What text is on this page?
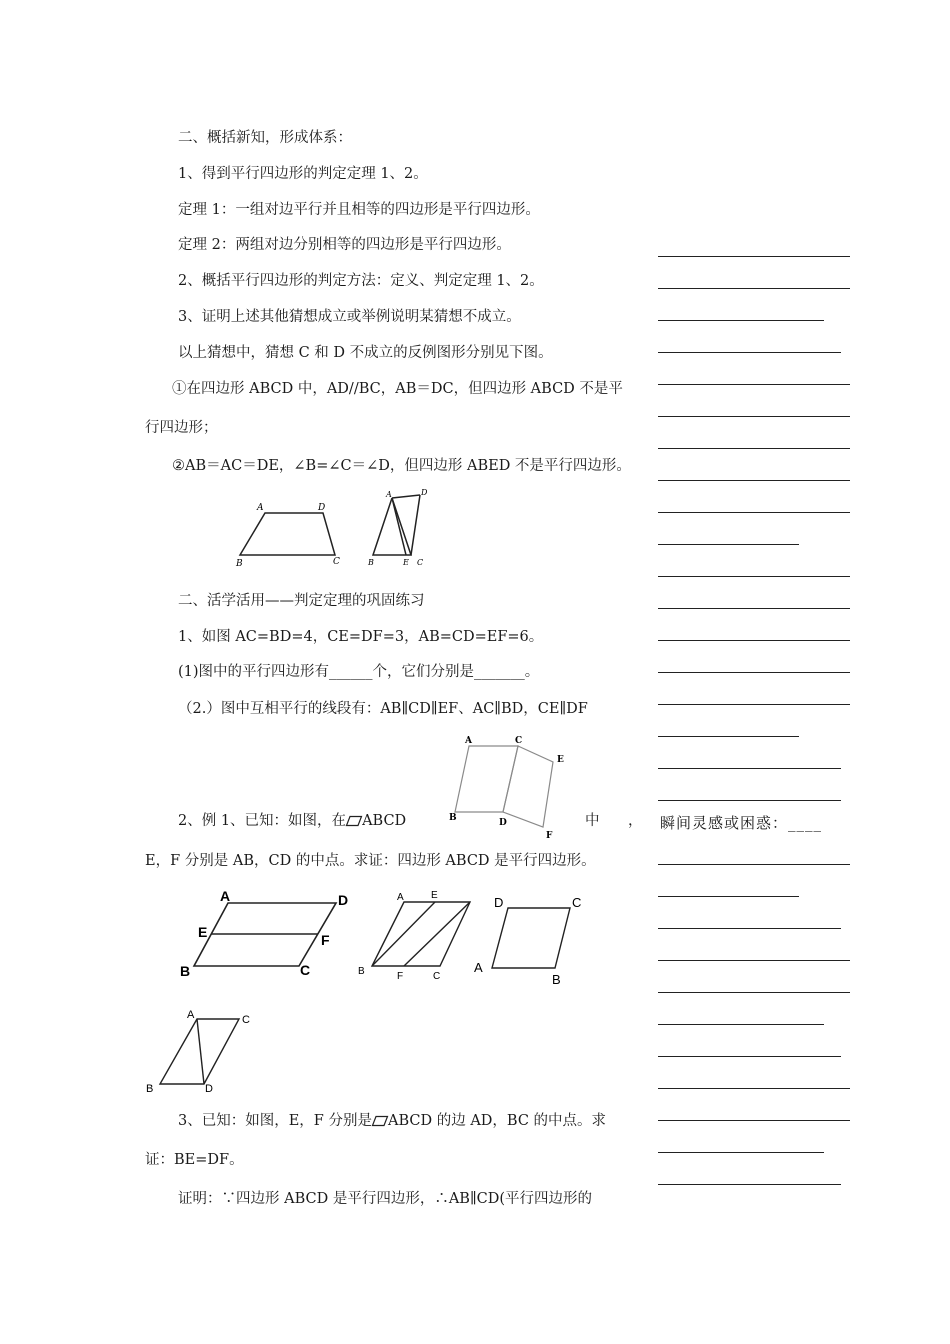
二、概括新知，形成体系：
1、得到平行四边形的判定定理 1、2。
定理 1：一组对边平行并且相等的四边形是平行四边形。
定理 2：两组对边分别相等的四边形是平行四边形。
2、概括平行四边形的判定方法：定义、判定定理 1、2。
3、证明上述其他猜想成立或举例说明某猜想不成立。
以上猜想中，猜想 C 和 D 不成立的反例图形分别见下图。
①在四边形 ABCD 中，AD//BC，AB＝DC，但四边形 ABCD 不是平
行四边形；
②AB＝AC＝DE，∠B=∠C＝∠D，但四边形 ABED 不是平行四边形。
A	D
B	C
A	D
B	E C
二、活学活用——判定定理的巩固练习
1、如图 AC=BD=4，CE=DF=3，AB=CD=EF=6。
(1)图中的平行四边形有______个，它们分别是_______。
（2.）图中互相平行的线段有：AB∥CD∥EF、AC∥BD，CE∥DF
A	C
E
B	D
F
2、例 1、已知：如图，在 ABCD	中 ，
E，F 分别是 AB，CD 的中点。求证：四边形 ABCD 是平行四边形。
A	D
E	F
B	C
A	E
B	F	C
D	C
A
B
A	C
B	D
3、已知：如图，E，F 分别是 ABCD 的边 AD，BC 的中点。求
证：BE=DF。
证明：∵四边形 ABCD 是平行四边形，∴AB∥CD(平行四边形的
瞬间灵感或困惑：____
